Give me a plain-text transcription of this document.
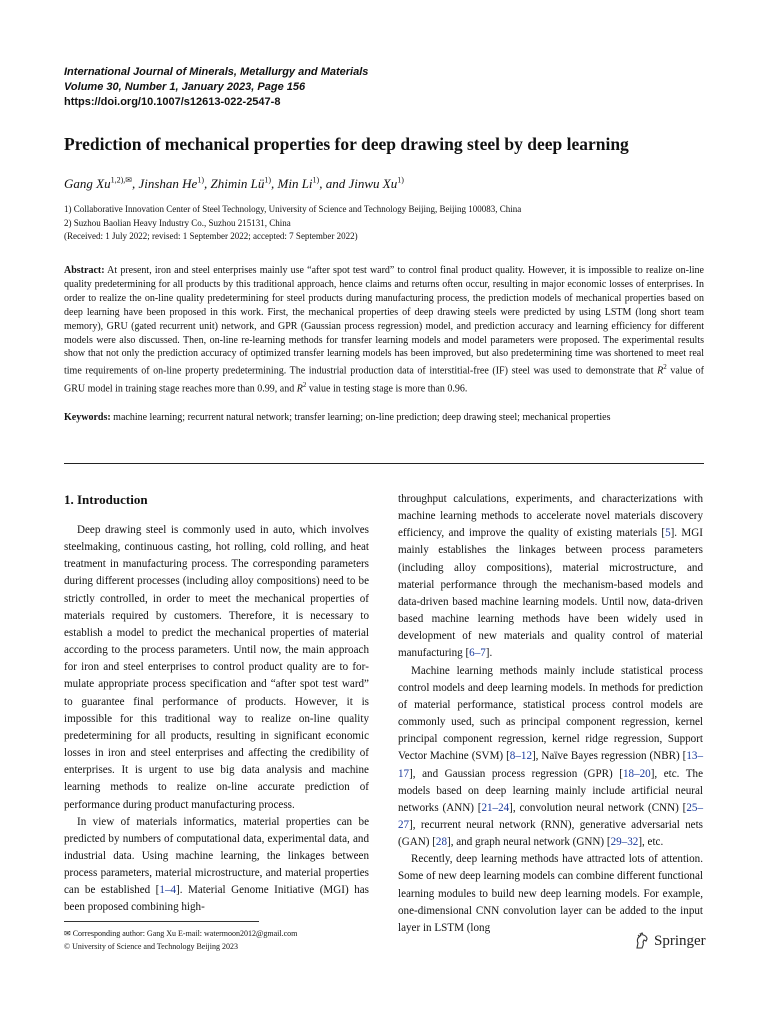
International Journal of Minerals, Metallurgy and Materials
Volume 30, Number 1, January 2023, Page 156
https://doi.org/10.1007/s12613-022-2547-8
Prediction of mechanical properties for deep drawing steel by deep learning
Gang $Xu^{1,2),✉}$, Jinshan He$^{1)}$, Zhimin $Lü^{1)}$, Min Li$^{1)}$, and Jinwu Xu$^{1)}$
1) Collaborative Innovation Center of Steel Technology, University of Science and Technology Beijing, Beijing 100083, China
2) Suzhou Baolian Heavy Industry Co., Suzhou 215131, China
(Received: 1 July 2022; revised: 1 September 2022; accepted: 7 September 2022)
Abstract: At present, iron and steel enterprises mainly use “after spot test ward” to control final product quality. However, it is impossible to realize on-line quality predetermining for all products by this traditional approach, hence claims and returns often occur, resulting in major economic losses of enterprises. In order to realize the on-line quality predetermining for steel products during manufacturing process, the prediction models of mechanical properties based on deep learning have been proposed in this work. First, the mechanical properties of deep drawing steels were predicted by using LSTM (long short team memory), GRU (gated recurrent unit) network, and GPR (Gaussian process regression) model, and prediction accuracy and learning efficiency for different models were also discussed. Then, on-line re-learning methods for transfer learning models and model parameters were proposed. The experimental results show that not only the prediction accuracy of optimized transfer learning models has been improved, but also predetermining time was shortened to meet real time requirements of on-line property predetermining. The industrial production data of interstitial-free (IF) steel was used to demonstrate that $R^2$ value of GRU model in training stage reaches more than 0.99, and $R^2$ value in testing stage is more than 0.96.
Keywords: machine learning; recurrent natural network; transfer learning; on-line prediction; deep drawing steel; mechanical properties
1. Introduction

Deep drawing steel is commonly used in auto, which involves steelmaking, continuous casting, hot rolling, cold rolling, and heat treatment in manufacturing process. The corresponding parameters during different processes (including alloy compositions) need to be strictly controlled, in order to meet the mechanical properties of materials required by customers. Therefore, it is necessary to establish a model to predict the mechanical properties of material according to the process parameters. Until now, the main approach for iron and steel enterprises to control product quality are to formulate appropriate process specification and “after spot test ward” to guarantee final performance of products. However, it is impossible for this traditional way to realize on-line quality predetermining for all products, resulting in significant economic losses in iron and steel enterprises and affecting the credibility of enterprises. It is urgent to use big data analysis and machine learning methods to realize on-line accurate prediction of performance during product manufacturing process.

In view of materials informatics, material properties can be predicted by numbers of computational data, experimental data, and industrial data. Using machine learning, the linkages between process parameters, material microstructure, and material properties can be established [1–4]. Material Genome Initiative (MGI) has been proposed combining high-

throughput calculations, experiments, and characterizations with machine learning methods to accelerate novel materials discovery efficiency, and improve the quality of existing materials [5]. MGI mainly establishes the linkages between process parameters (including alloy compositions), material microstructure, and material performance through the mechanism-based models and data-driven based machine learning models. Until now, data-driven based machine learning methods have been widely used in development of new materials and quality control of material manufacturing [6–7].

Machine learning methods mainly include statistical process control models and deep learning models. In methods for prediction of material performance, statistical process control models are commonly used, such as principal component regression, kernel principal component regression, kernel ridge regression, Support Vector Machine (SVM) [8–12], Naïve Bayes regression (NBR) [13–17], and Gaussian process regression (GPR) [18–20], etc. The models based on deep learning mainly include artificial neural networks (ANN) [21–24], convolution neural network (CNN) [25–27], recurrent neural network (RNN), generative adversarial nets (GAN) [28], and graph neural network (GNN) [29–32], etc.

Recently, deep learning methods have attracted lots of attention. Some of new deep learning models can combine different functional learning modules to build new deep learning models. For example, one-dimensional CNN convolution layer can be added to the input layer in LSTM (long

✉ Corresponding author: Gang Xu E-mail: watermoon2012@gmail.com
© University of Science and Technology Beijing 2023	Springer
